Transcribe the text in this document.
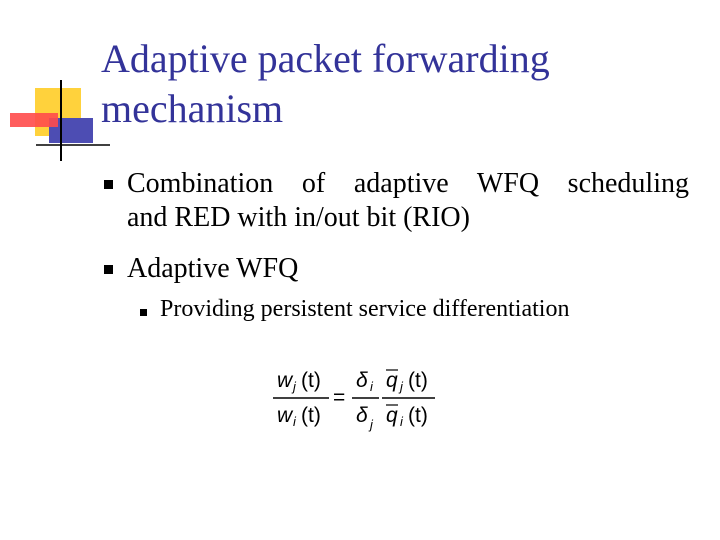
Adaptive packet forwarding
mechanism
Combination of adaptive WFQ scheduling
and RED with in/out bit (RIO)
Adaptive WFQ
Providing persistent service differentiation
w j (t)
w i (t)
=
δ i
δ j
q j (t)
q i (t)
